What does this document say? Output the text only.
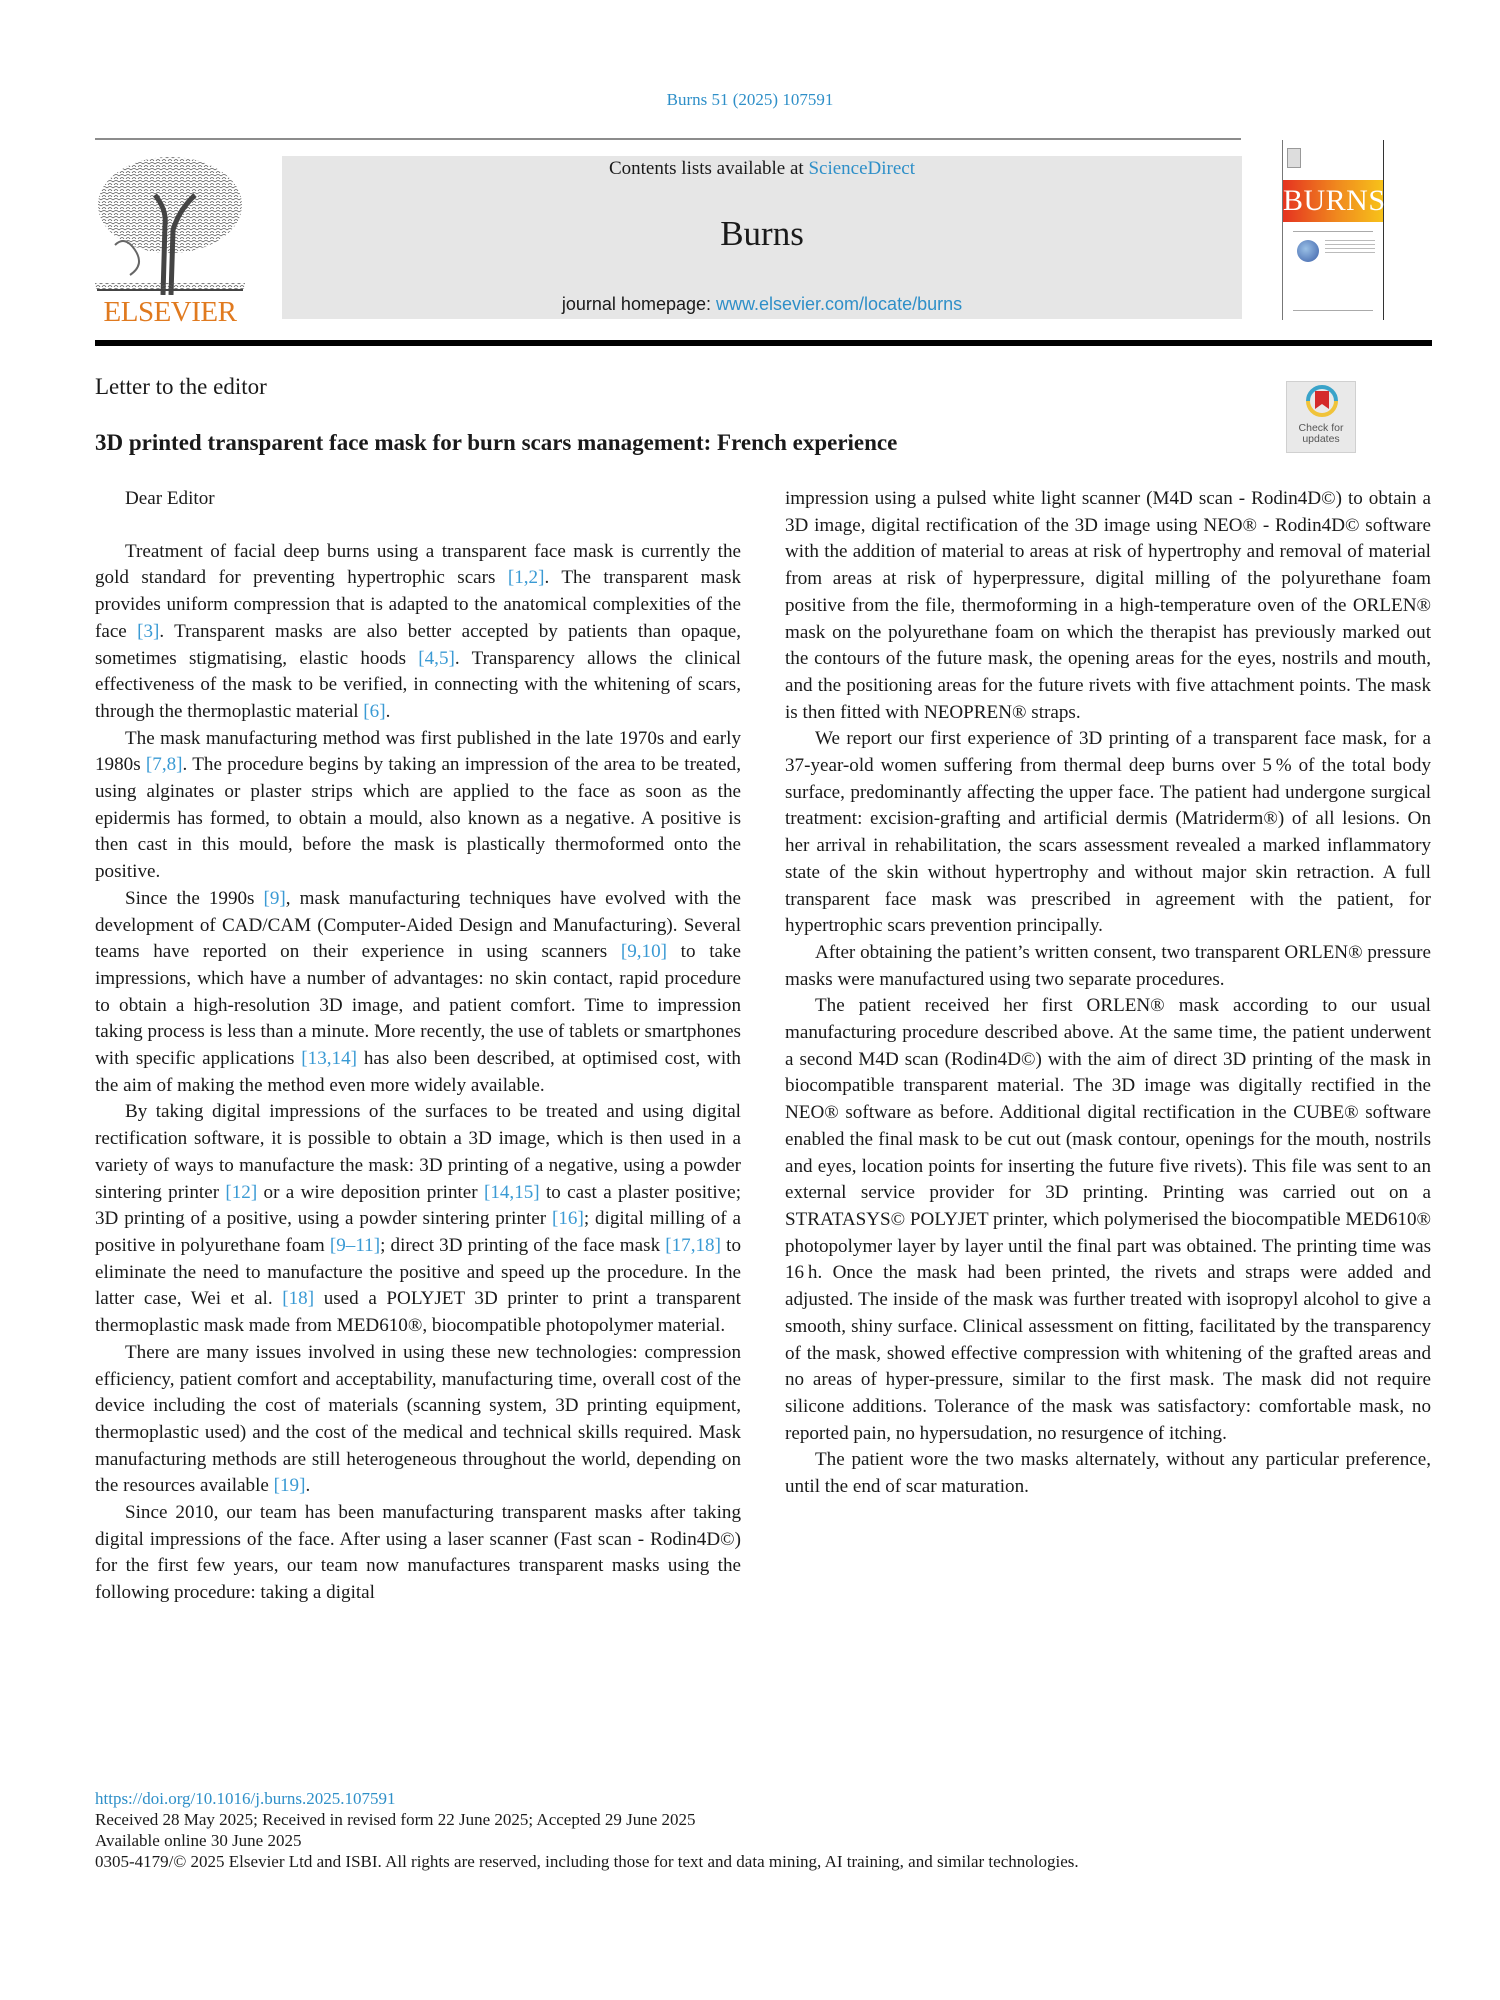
Burns 51 (2025) 107591
ELSEVIER
Contents lists available at ScienceDirect
Burns
journal homepage: www.elsevier.com/locate/burns
BURNS
Letter to the editor
3D printed transparent face mask for burn scars management: French experience
Check for
updates

Dear Editor

Treatment of facial deep burns using a transparent face mask is currently the gold standard for preventing hypertrophic scars [1,2]. The transparent mask provides uniform compression that is adapted to the anatomical complexities of the face [3]. Transparent masks are also better accepted by patients than opaque, sometimes stigmatising, elastic hoods [4,5]. Transparency allows the clinical effectiveness of the mask to be verified, in connecting with the whitening of scars, through the thermoplastic material [6].

The mask manufacturing method was first published in the late 1970s and early 1980s [7,8]. The procedure begins by taking an impression of the area to be treated, using alginates or plaster strips which are applied to the face as soon as the epidermis has formed, to obtain a mould, also known as a negative. A positive is then cast in this mould, before the mask is plastically thermoformed onto the positive.

Since the 1990s [9], mask manufacturing techniques have evolved with the development of CAD/CAM (Computer-Aided Design and Manufacturing). Several teams have reported on their experience in using scanners [9,10] to take impressions, which have a number of advantages: no skin contact, rapid procedure to obtain a high-resolution 3D image, and patient comfort. Time to impression taking process is less than a minute. More recently, the use of tablets or smartphones with specific applications [13,14] has also been described, at optimised cost, with the aim of making the method even more widely available.

By taking digital impressions of the surfaces to be treated and using digital rectification software, it is possible to obtain a 3D image, which is then used in a variety of ways to manufacture the mask: 3D printing of a negative, using a powder sintering printer [12] or a wire deposition printer [14,15] to cast a plaster positive; 3D printing of a positive, using a powder sintering printer [16]; digital milling of a positive in polyurethane foam [9–11]; direct 3D printing of the face mask [17,18] to eliminate the need to manufacture the positive and speed up the procedure. In the latter case, Wei et al. [18] used a POLYJET 3D printer to print a transparent thermoplastic mask made from MED610®, biocompatible photopolymer material.

There are many issues involved in using these new technologies: compression efficiency, patient comfort and acceptability, manufacturing time, overall cost of the device including the cost of materials (scanning system, 3D printing equipment, thermoplastic used) and the cost of the medical and technical skills required. Mask manufacturing methods are still heterogeneous throughout the world, depending on the resources available [19].

Since 2010, our team has been manufacturing transparent masks after taking digital impressions of the face. After using a laser scanner (Fast scan - Rodin4D©) for the first few years, our team now manufactures transparent masks using the following procedure: taking a digital

impression using a pulsed white light scanner (M4D scan - Rodin4D©) to obtain a 3D image, digital rectification of the 3D image using NEO® - Rodin4D© software with the addition of material to areas at risk of hypertrophy and removal of material from areas at risk of hyperpressure, digital milling of the polyurethane foam positive from the file, thermoforming in a high-temperature oven of the ORLEN® mask on the polyurethane foam on which the therapist has previously marked out the contours of the future mask, the opening areas for the eyes, nostrils and mouth, and the positioning areas for the future rivets with five attachment points. The mask is then fitted with NEOPREN® straps.

We report our first experience of 3D printing of a transparent face mask, for a 37-year-old women suffering from thermal deep burns over 5 % of the total body surface, predominantly affecting the upper face. The patient had undergone surgical treatment: excision-grafting and artificial dermis (Matriderm®) of all lesions. On her arrival in rehabilitation, the scars assessment revealed a marked inflammatory state of the skin without hypertrophy and without major skin retraction. A full transparent face mask was prescribed in agreement with the patient, for hypertrophic scars prevention principally.

After obtaining the patient’s written consent, two transparent ORLEN® pressure masks were manufactured using two separate procedures.

The patient received her first ORLEN® mask according to our usual manufacturing procedure described above. At the same time, the patient underwent a second M4D scan (Rodin4D©) with the aim of direct 3D printing of the mask in biocompatible transparent material. The 3D image was digitally rectified in the NEO® software as before. Additional digital rectification in the CUBE® software enabled the final mask to be cut out (mask contour, openings for the mouth, nostrils and eyes, location points for inserting the future five rivets). This file was sent to an external service provider for 3D printing. Printing was carried out on a STRATASYS© POLYJET printer, which polymerised the biocompatible MED610® photopolymer layer by layer until the final part was obtained. The printing time was 16 h. Once the mask had been printed, the rivets and straps were added and adjusted. The inside of the mask was further treated with isopropyl alcohol to give a smooth, shiny surface. Clinical assessment on fitting, facilitated by the transparency of the mask, showed effective compression with whitening of the grafted areas and no areas of hyper-pressure, similar to the first mask. The mask did not require silicone additions. Tolerance of the mask was satisfactory: comfortable mask, no reported pain, no hypersudation, no resurgence of itching.

The patient wore the two masks alternately, without any particular preference, until the end of scar maturation.

https://doi.org/10.1016/j.burns.2025.107591
Received 28 May 2025; Received in revised form 22 June 2025; Accepted 29 June 2025
Available online 30 June 2025
0305-4179/© 2025 Elsevier Ltd and ISBI. All rights are reserved, including those for text and data mining, AI training, and similar technologies.
